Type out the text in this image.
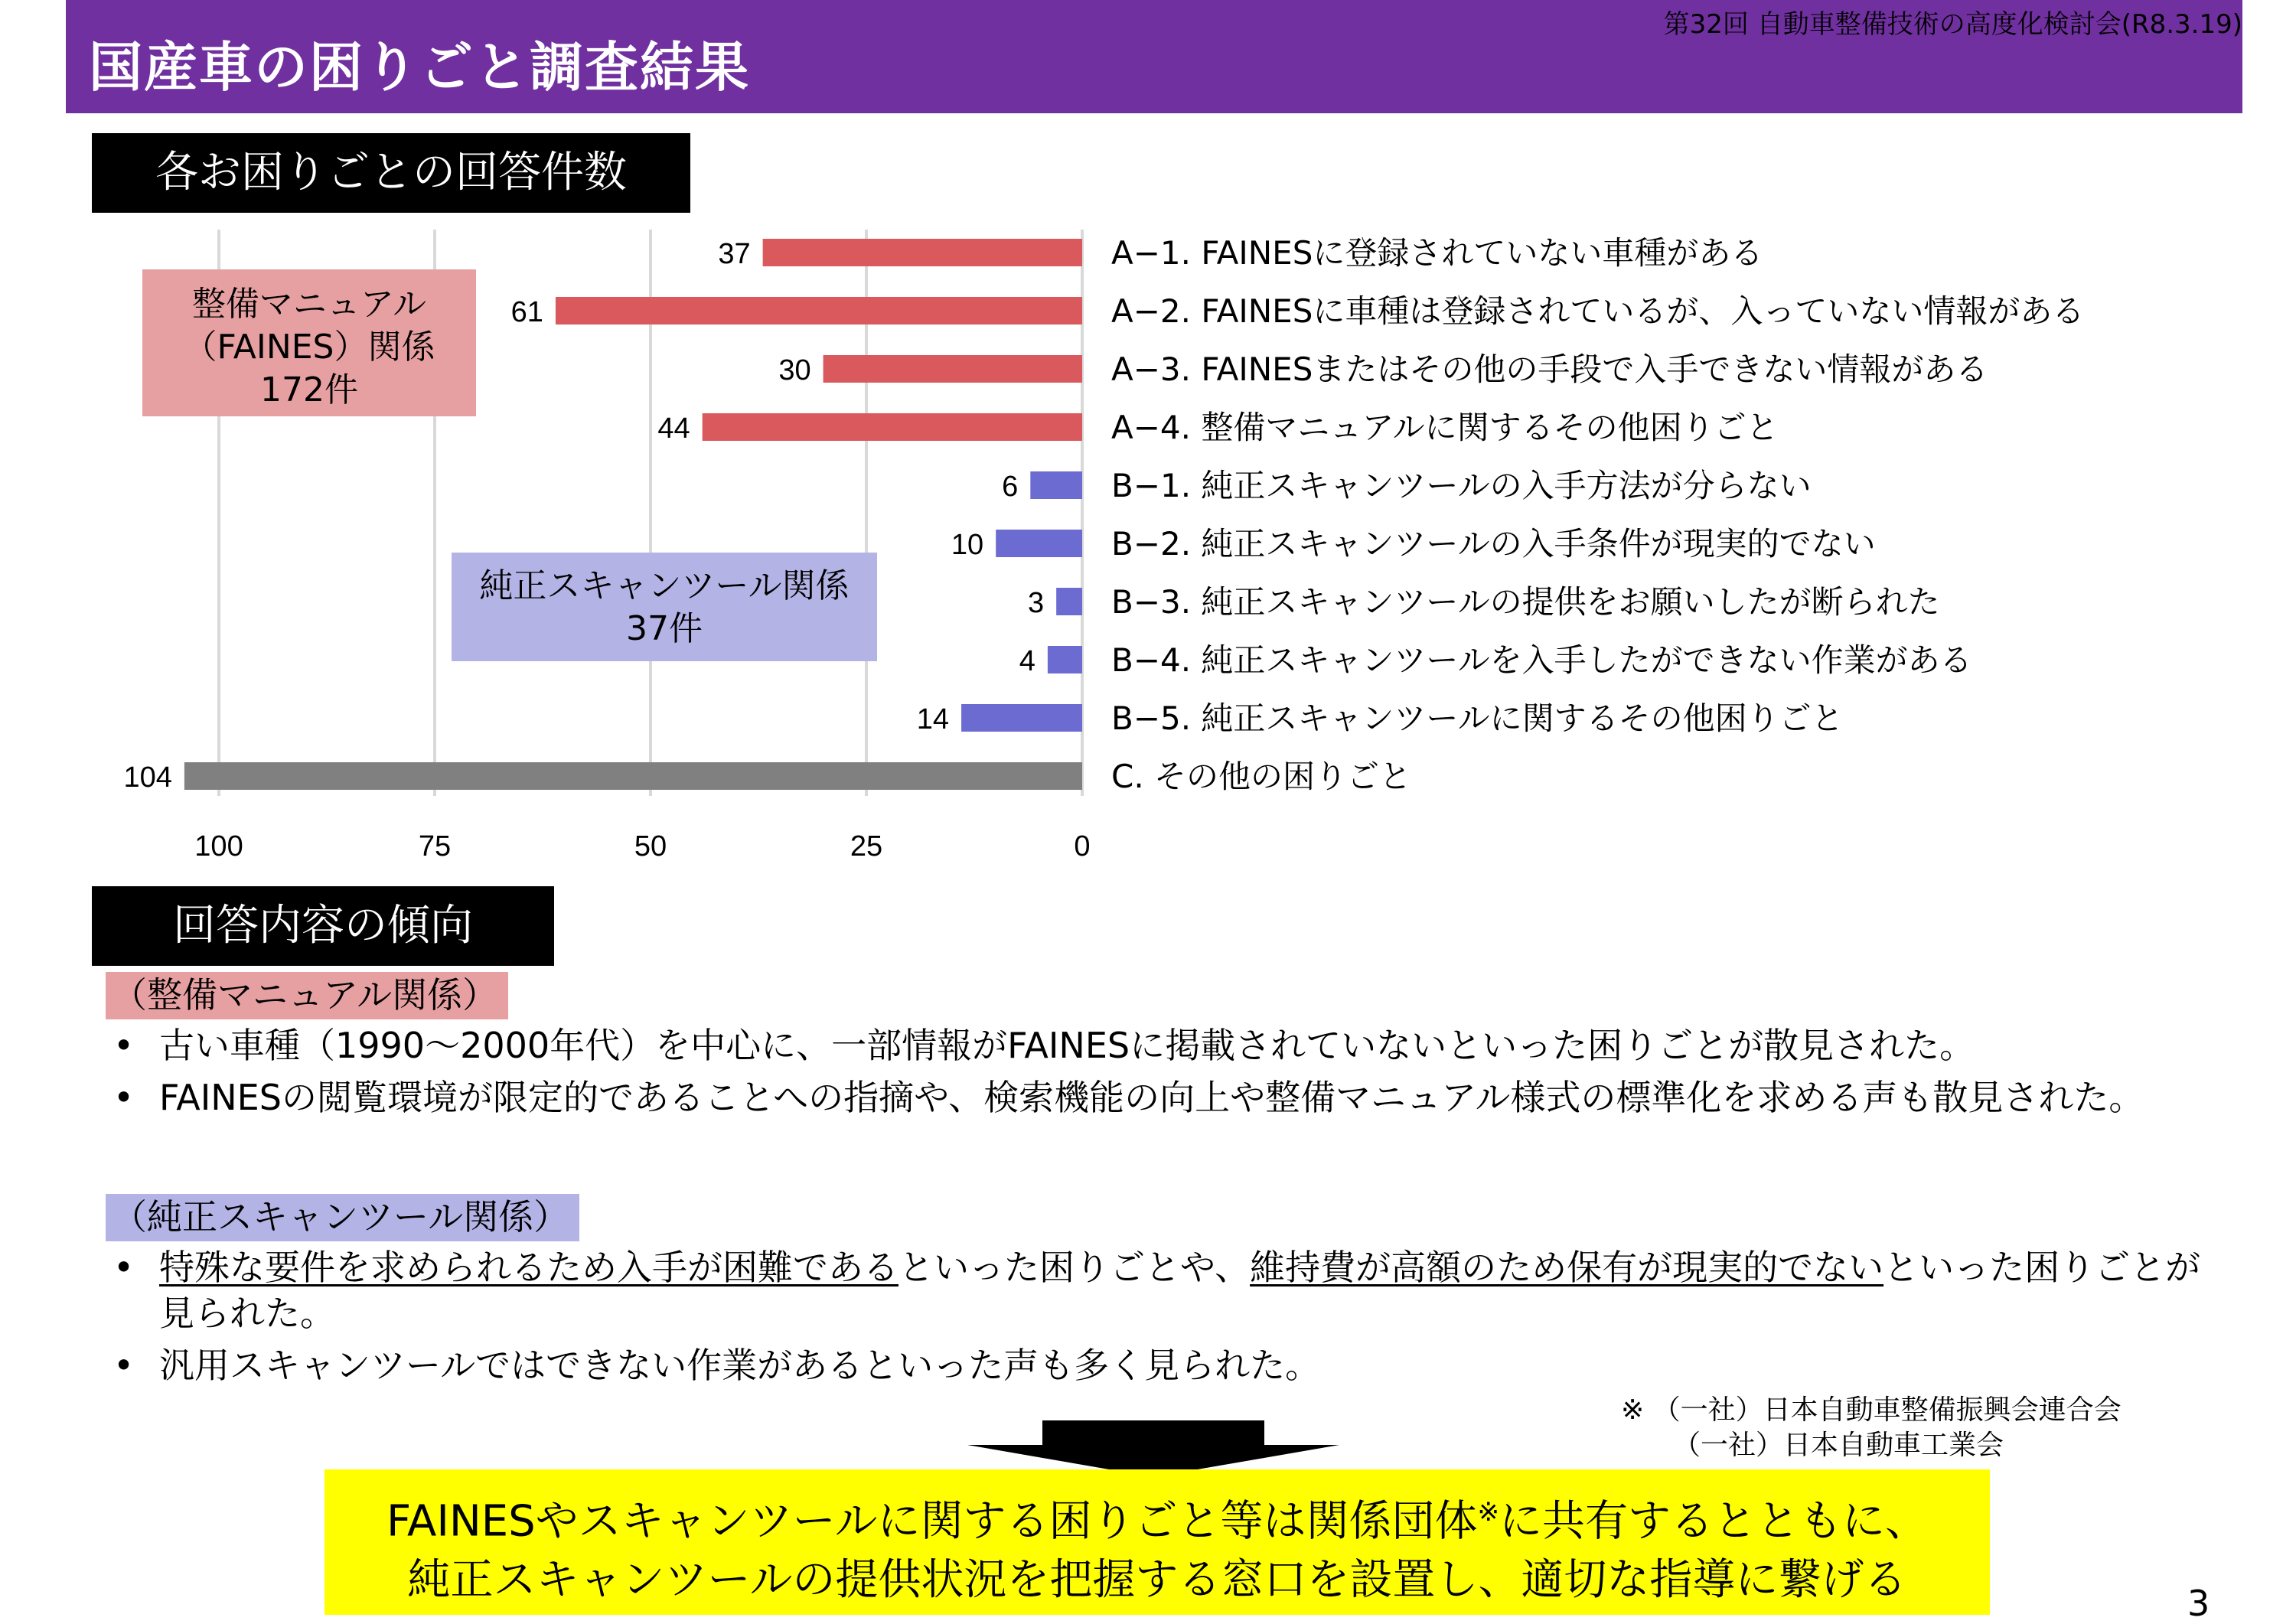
国産車の困りごと調査結果
第32回 自動車整備技術の高度化検討会(R8.3.19)
各お困りごとの回答件数
100	75	50	25	0
37	A−1. FAINESに登録されていない車種がある
61	A−2. FAINESに車種は登録されているが、入っていない情報がある
30	A−3. FAINESまたはその他の手段で入手できない情報がある
44	A−4. 整備マニュアルに関するその他困りごと
6	B−1. 純正スキャンツールの入手方法が分らない
10	B−2. 純正スキャンツールの入手条件が現実的でない
3 B−3. 純正スキャンツールの提供をお願いしたが断られた
4 B−4. 純正スキャンツールを入手したができない作業がある
14	B−5. 純正スキャンツールに関するその他困りごと
104	C. その他の困りごと
整備マニュアル
（FAINES）関係
172件
純正スキャンツール関係
37件
回答内容の傾向
（整備マニュアル関係）

• 古い車種（1990～2000年代）を中心に、一部情報がFAINESに掲載されていないといった困りごとが散見された。

• FAINESの閲覧環境が限定的であることへの指摘や、検索機能の向上や整備マニュアル様式の標準化を求める声も散見された。

（純正スキャンツール関係）

• 特殊な要件を求められるため入手が困難であるといった困りごとや、維持費が高額のため保有が現実的でないといった困りごとが見られた。

• 汎用スキャンツールではできない作業があるといった声も多く見られた。

※ （一社）日本自動車整備振興会連合会
（一社）日本自動車工業会
FAINESやスキャンツールに関する困りごと等は関係団体※に共有するとともに、
純正スキャンツールの提供状況を把握する窓口を設置し、適切な指導に繋げる	3
